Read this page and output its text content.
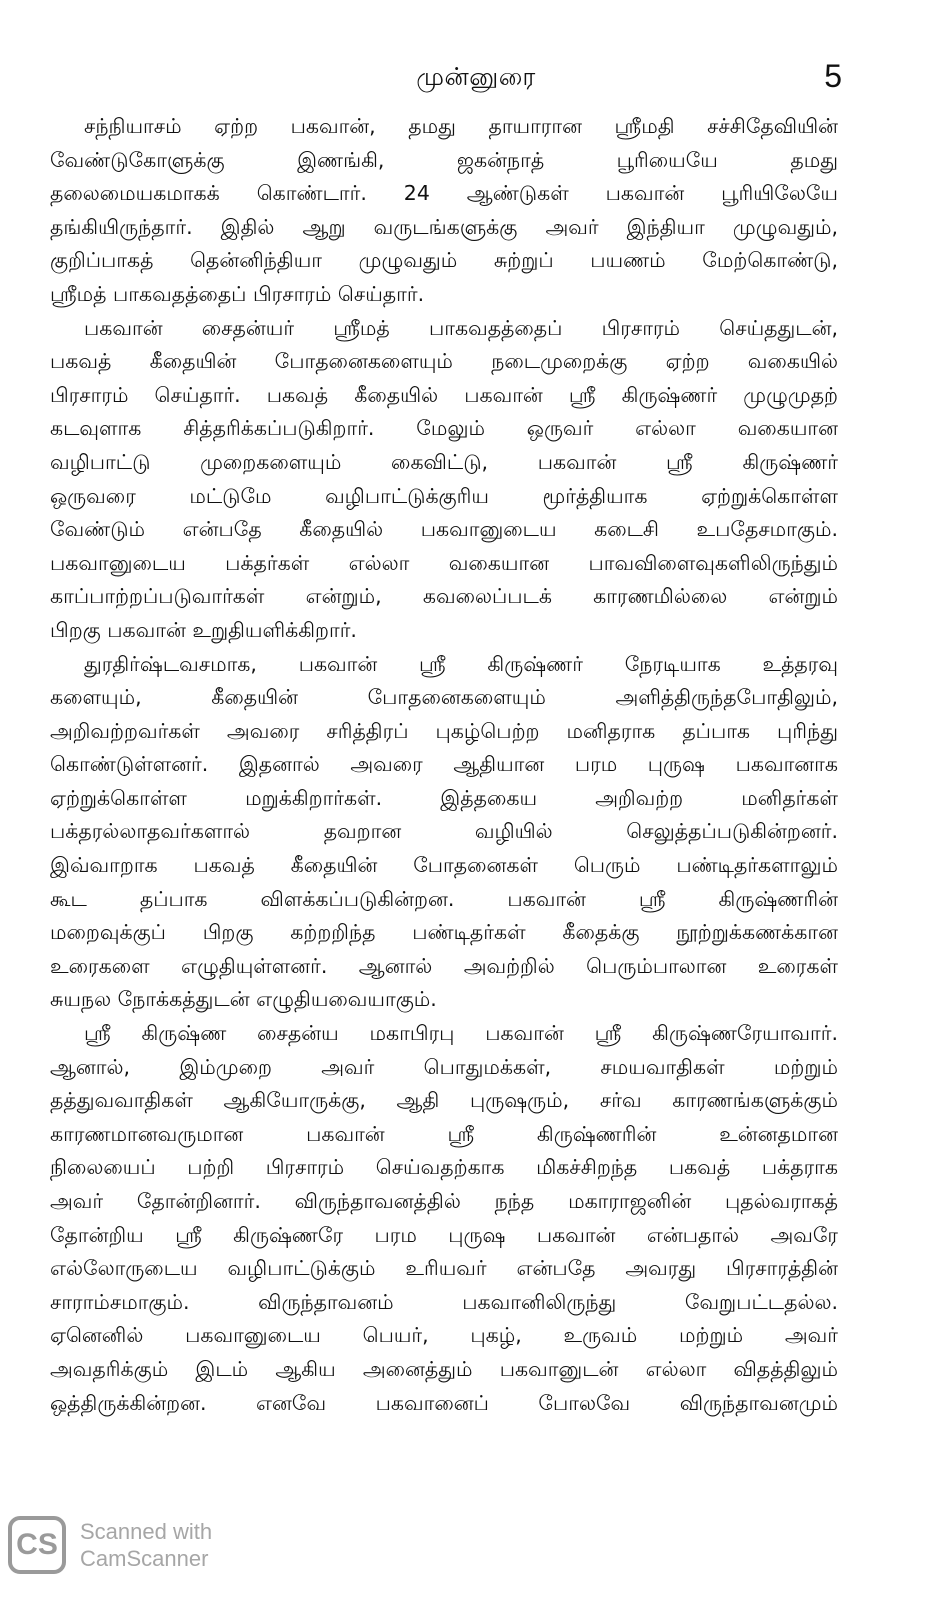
முன்னுரை	5
சந்நியாசம் ஏற்ற பகவான், தமது தாயாரான ஸ்ரீமதி சச்சிதேவியின்
வேண்டுகோளுக்கு இணங்கி, ஜகன்நாத் பூரியையே தமது
தலைமையகமாகக் கொண்டார். 24 ஆண்டுகள் பகவான் பூரியிலேயே
தங்கியிருந்தார். இதில் ஆறு வருடங்களுக்கு அவர் இந்தியா முழுவதும்,
குறிப்பாகத் தென்னிந்தியா முழுவதும் சுற்றுப் பயணம் மேற்கொண்டு,
ஸ்ரீமத் பாகவதத்தைப் பிரசாரம் செய்தார்.
பகவான் சைதன்யர் ஸ்ரீமத் பாகவதத்தைப் பிரசாரம் செய்ததுடன்,
பகவத் கீதையின் போதனைகளையும் நடைமுறைக்கு ஏற்ற வகையில்
பிரசாரம் செய்தார். பகவத் கீதையில் பகவான் ஸ்ரீ கிருஷ்ணர் முழுமுதற்
கடவுளாக சித்தரிக்கப்படுகிறார். மேலும் ஒருவர் எல்லா வகையான
வழிபாட்டு முறைகளையும் கைவிட்டு, பகவான் ஸ்ரீ கிருஷ்ணர்
ஒருவரை மட்டுமே வழிபாட்டுக்குரிய மூர்த்தியாக ஏற்றுக்கொள்ள
வேண்டும் என்பதே கீதையில் பகவானுடைய கடைசி உபதேசமாகும்.
பகவானுடைய பக்தர்கள் எல்லா வகையான பாவவிளைவுகளிலிருந்தும்
காப்பாற்றப்படுவார்கள் என்றும், கவலைப்படக் காரணமில்லை என்றும்
பிறகு பகவான் உறுதியளிக்கிறார்.
துரதிர்ஷ்டவசமாக, பகவான் ஸ்ரீ கிருஷ்ணர் நேரடியாக உத்தரவு
களையும், கீதையின் போதனைகளையும் அளித்திருந்தபோதிலும்,
அறிவற்றவர்கள் அவரை சரித்திரப் புகழ்பெற்ற மனிதராக தப்பாக புரிந்து
கொண்டுள்ளனர். இதனால் அவரை ஆதியான பரம புருஷ பகவானாக
ஏற்றுக்கொள்ள மறுக்கிறார்கள். இத்தகைய அறிவற்ற மனிதர்கள்
பக்தரல்லாதவர்களால் தவறான வழியில் செலுத்தப்படுகின்றனர்.
இவ்வாறாக பகவத் கீதையின் போதனைகள் பெரும் பண்டிதர்களாலும்
கூட தப்பாக விளக்கப்படுகின்றன. பகவான் ஸ்ரீ கிருஷ்ணரின்
மறைவுக்குப் பிறகு கற்றறிந்த பண்டிதர்கள் கீதைக்கு நூற்றுக்கணக்கான
உரைகளை எழுதியுள்ளனர். ஆனால் அவற்றில் பெரும்பாலான உரைகள்
சுயநல நோக்கத்துடன் எழுதியவையாகும்.
ஸ்ரீ கிருஷ்ண சைதன்ய மகாபிரபு பகவான் ஸ்ரீ கிருஷ்ணரேயாவார்.
ஆனால், இம்முறை அவர் பொதுமக்கள், சமயவாதிகள் மற்றும்
தத்துவவாதிகள் ஆகியோருக்கு, ஆதி புருஷரும், சர்வ காரணங்களுக்கும்
காரணமானவருமான பகவான் ஸ்ரீ கிருஷ்ணரின் உன்னதமான
நிலையைப் பற்றி பிரசாரம் செய்வதற்காக மிகச்சிறந்த பகவத் பக்தராக
அவர் தோன்றினார். விருந்தாவனத்தில் நந்த மகாராஜனின் புதல்வராகத்
தோன்றிய ஸ்ரீ கிருஷ்ணரே பரம புருஷ பகவான் என்பதால் அவரே
எல்லோருடைய வழிபாட்டுக்கும் உரியவர் என்பதே அவரது பிரசாரத்தின்
சாராம்சமாகும். விருந்தாவனம் பகவானிலிருந்து வேறுபட்டதல்ல.
ஏனெனில் பகவானுடைய பெயர், புகழ், உருவம் மற்றும் அவர்
அவதரிக்கும் இடம் ஆகிய அனைத்தும் பகவானுடன் எல்லா விதத்திலும்
ஒத்திருக்கின்றன. எனவே பகவானைப் போலவே விருந்தாவனமும்
CS	Scanned with
CamScanner
